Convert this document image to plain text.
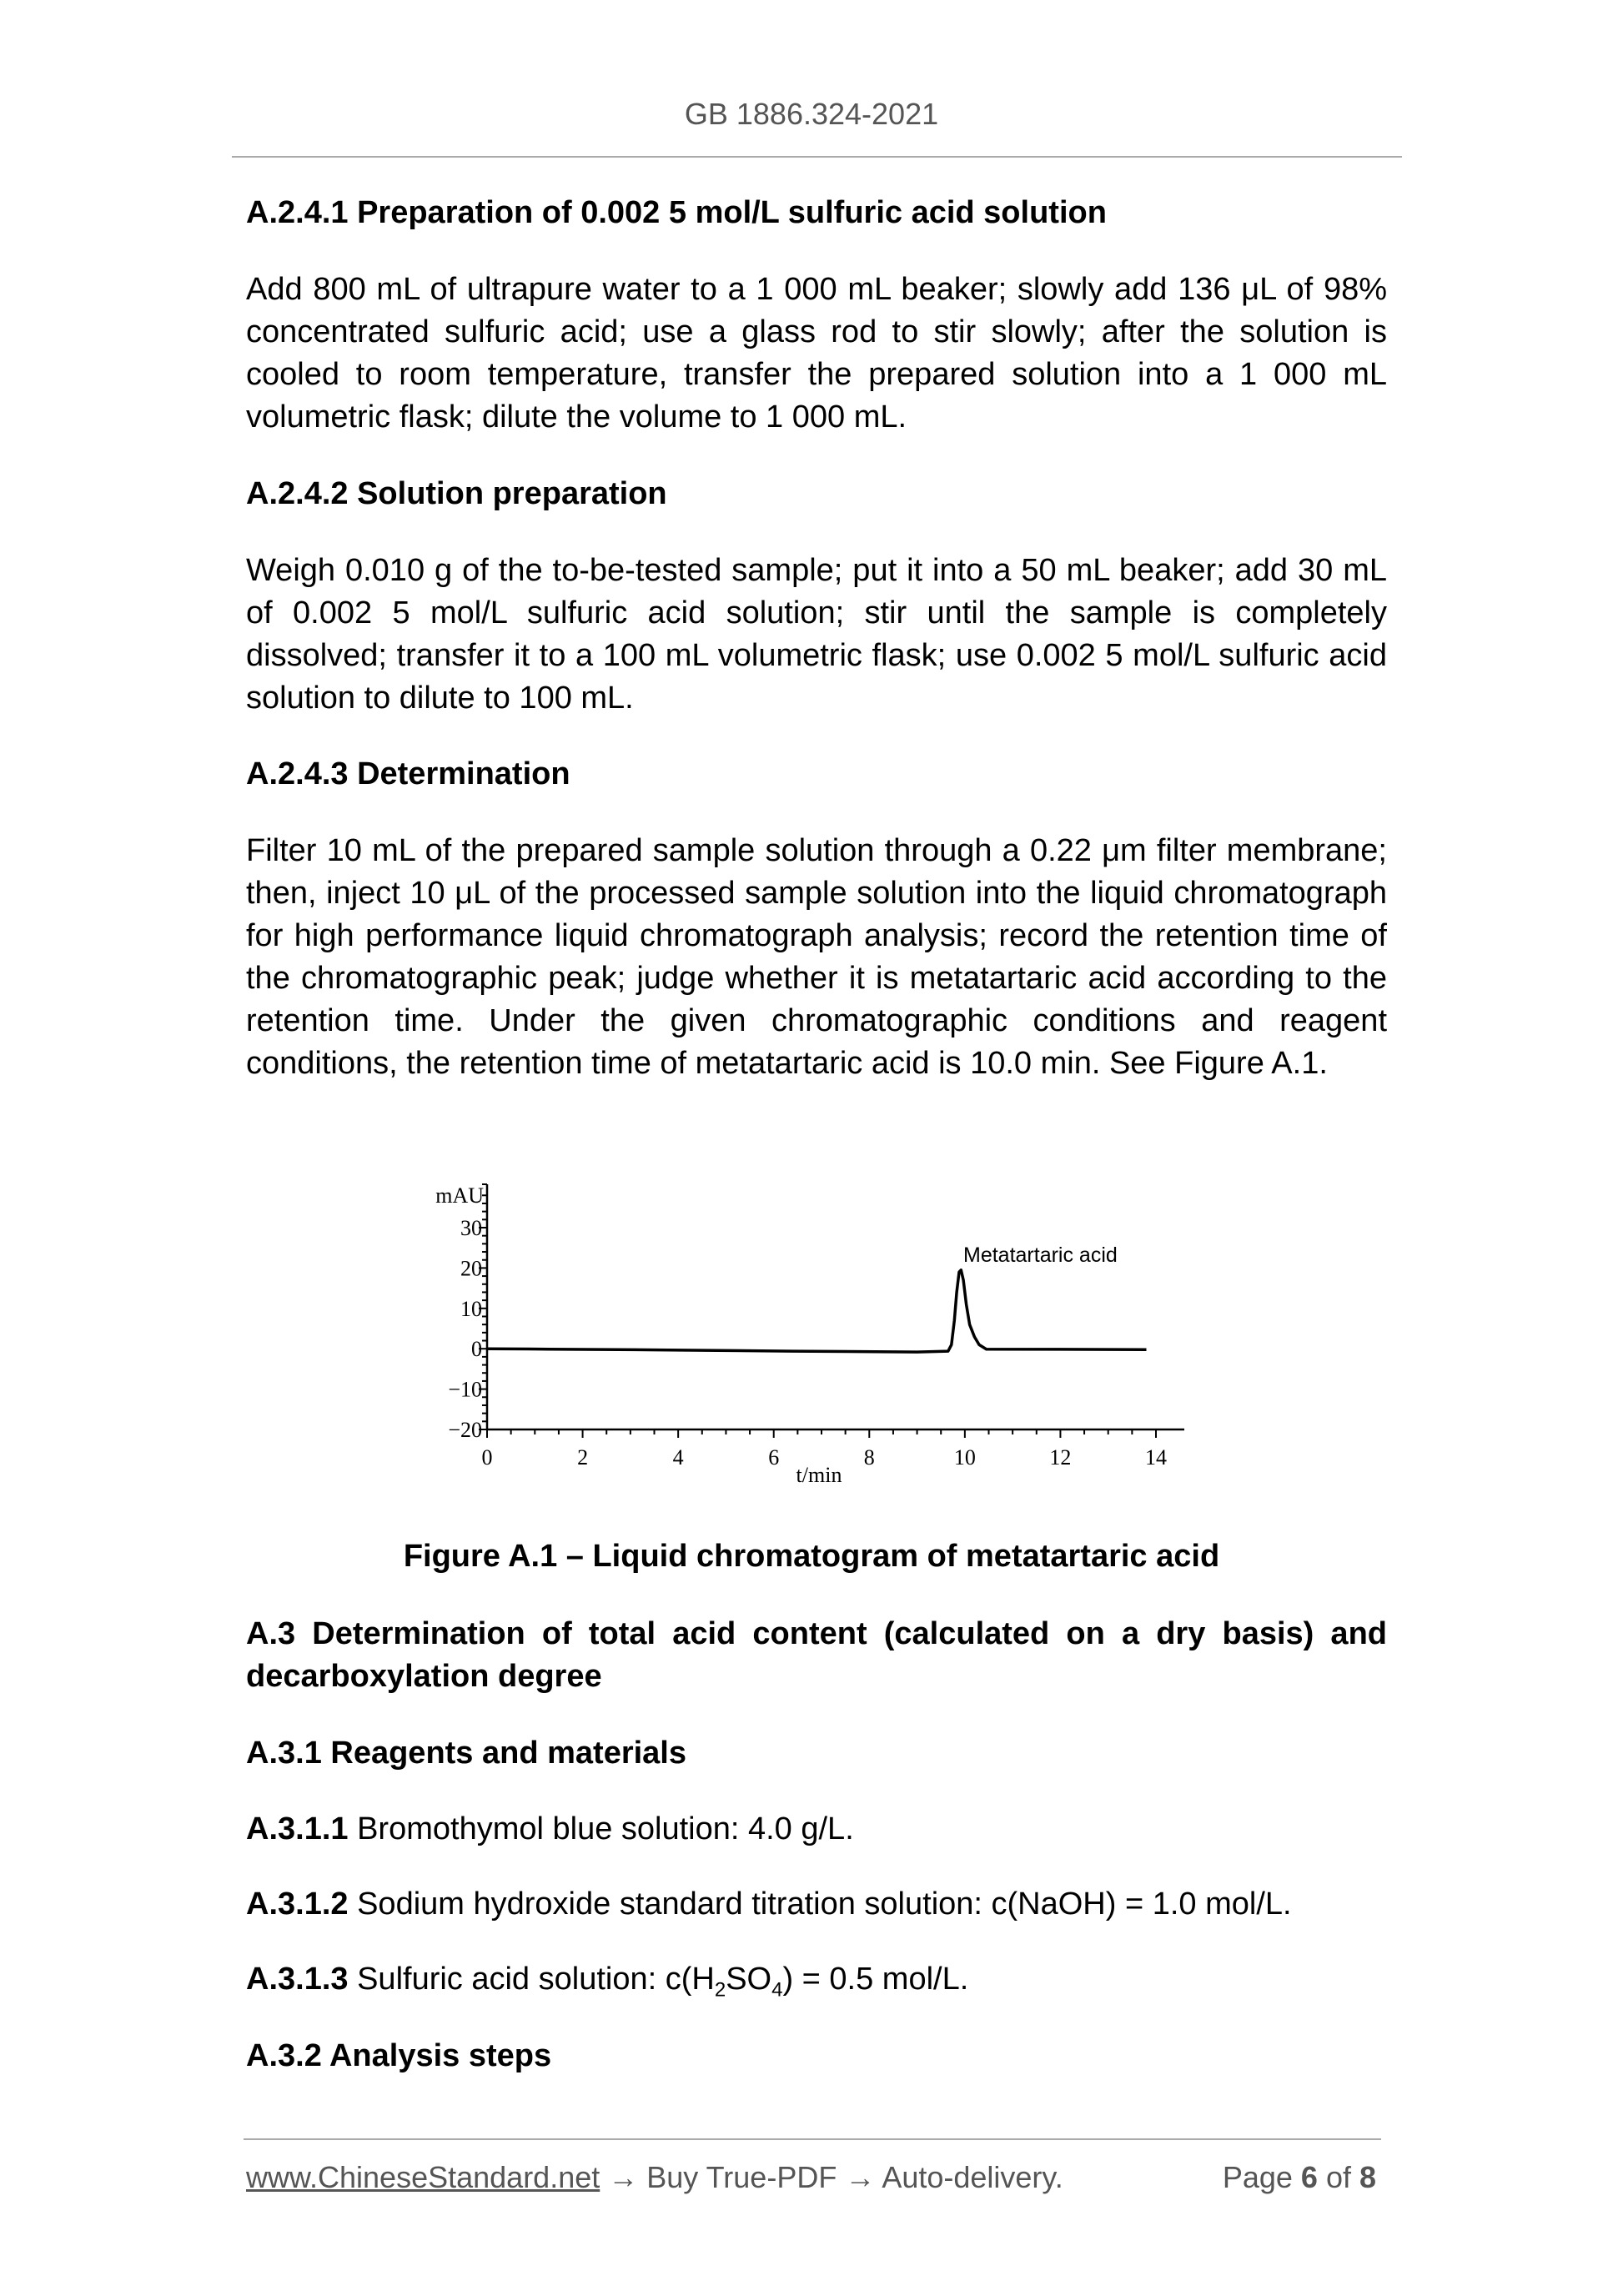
GB 1886.324-2021
A.2.4.1 Preparation of 0.002 5 mol/L sulfuric acid solution
Add 800 mL of ultrapure water to a 1 000 mL beaker; slowly add 136 μL of 98% concentrated sulfuric acid; use a glass rod to stir slowly; after the solution is cooled to room temperature, transfer the prepared solution into a 1 000 mL volumetric flask; dilute the volume to 1 000 mL.
A.2.4.2 Solution preparation
Weigh 0.010 g of the to-be-tested sample; put it into a 50 mL beaker; add 30 mL of 0.002 5 mol/L sulfuric acid solution; stir until the sample is completely dissolved; transfer it to a 100 mL volumetric flask; use 0.002 5 mol/L sulfuric acid solution to dilute to 100 mL.
A.2.4.3 Determination
Filter 10 mL of the prepared sample solution through a 0.22 μm filter membrane; then, inject 10 μL of the processed sample solution into the liquid chromatograph for high performance liquid chromatograph analysis; record the retention time of the chromatographic peak; judge whether it is metatartaric acid according to the retention time. Under the given chromatographic conditions and reagent conditions, the retention time of metatartaric acid is 10.0 min. See Figure A.1.
t/min
0	2	4	6	8	10	12	14
30
20
10
0
−10
−20
mAU
Metatartaric acid
Figure A.1 – Liquid chromatogram of metatartaric acid
A.3 Determination of total acid content (calculated on a dry basis) and decarboxylation degree
A.3.1 Reagents and materials
A.3.1.1 Bromothymol blue solution: 4.0 g/L.
A.3.1.2 Sodium hydroxide standard titration solution: c(NaOH) = 1.0 mol/L.
A.3.1.3 Sulfuric acid solution: $c(H_2SO_4) = 0.5$ mol/L.
A.3.2 Analysis steps
www.ChineseStandard.net → Buy True-PDF → Auto-delivery.	Page 6 of 8
